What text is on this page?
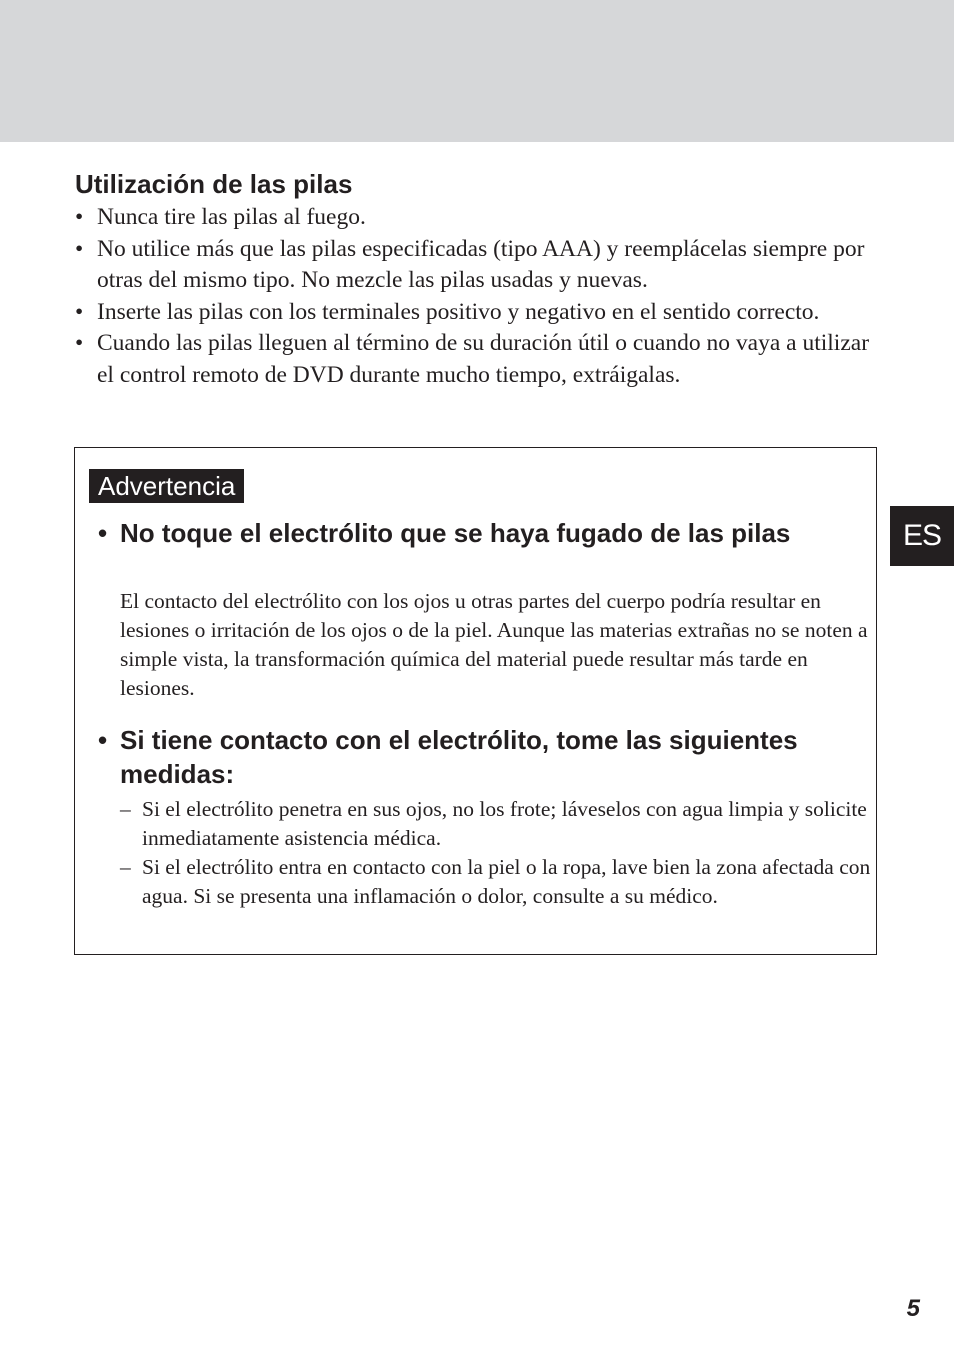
Utilización de las pilas
• Nunca tire las pilas al fuego.
• No utilice más que las pilas especificadas (tipo AAA) y reemplácelas siempre por otras del mismo tipo. No mezcle las pilas usadas y nuevas.
• Inserte las pilas con los terminales positivo y negativo en el sentido correcto.
• Cuando las pilas lleguen al término de su duración útil o cuando no vaya a utilizar el control remoto de DVD durante mucho tiempo, extráigalas.
Advertencia
• No toque el electrólito que se haya fugado de las pilas

El contacto del electrólito con los ojos u otras partes del cuerpo podría resultar en lesiones o irritación de los ojos o de la piel. Aunque las materias extrañas no se noten a simple vista, la transformación química del material puede resultar más tarde en lesiones.

• Si tiene contacto con el electrólito, tome las siguientes medidas:
– Si el electrólito penetra en sus ojos, no los frote; láveselos con agua limpia y solicite inmediatamente asistencia médica.
– Si el electrólito entra en contacto con la piel o la ropa, lave bien la zona afectada con agua. Si se presenta una inflamación o dolor, consulte a su médico.
ES
5
